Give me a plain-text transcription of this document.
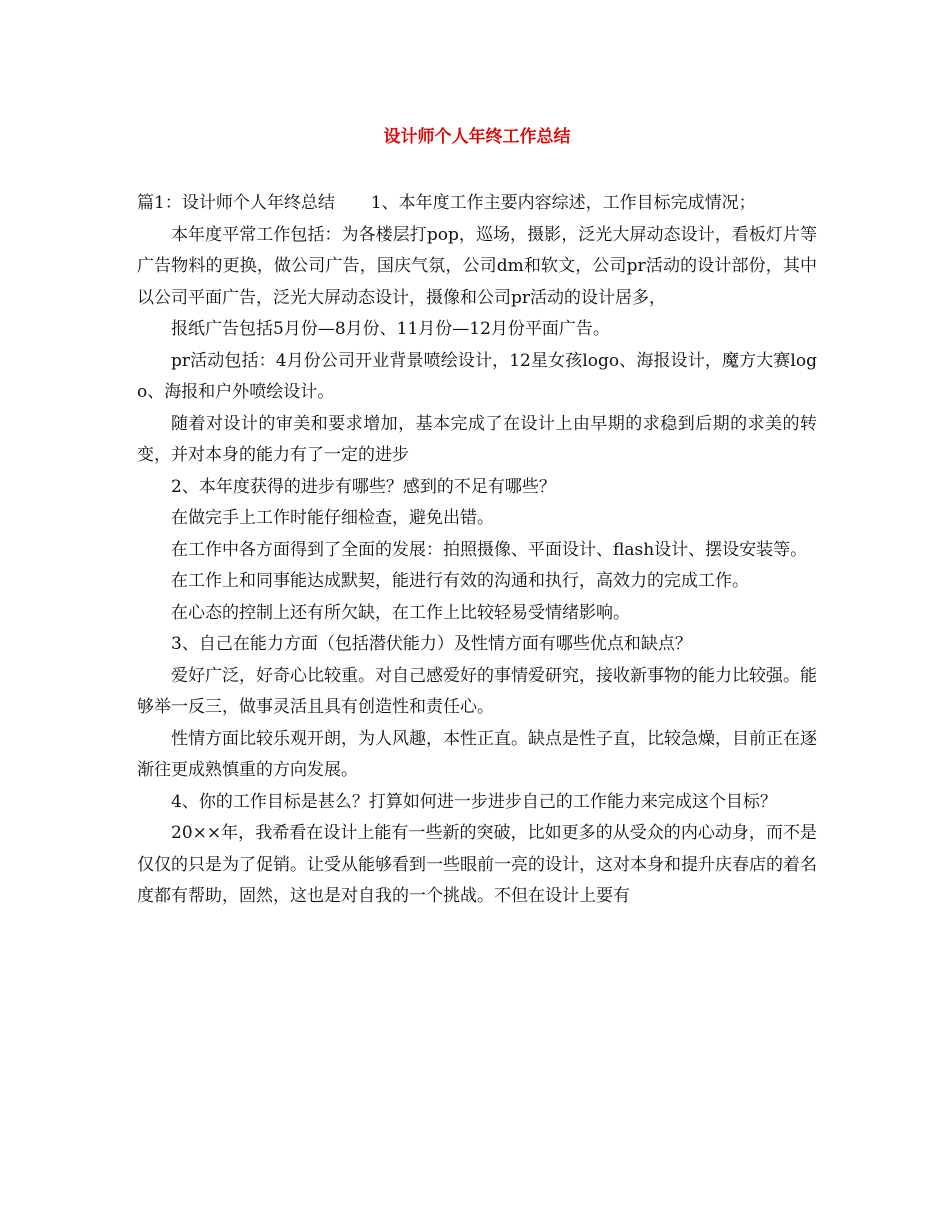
设计师个人年终工作总结

篇1：设计师个人年终总结 1、本年度工作主要内容综述，工作目标完成情况；

本年度平常工作包括：为各楼层打pop，巡场，摄影，泛光大屏动态设计，看板灯片等广告物料的更换，做公司广告，国庆气氛，公司dm和软文，公司pr活动的设计部份，其中以公司平面广告，泛光大屏动态设计，摄像和公司pr活动的设计居多，

报纸广告包括5月份—8月份、11月份—12月份平面广告。

pr活动包括：4月份公司开业背景喷绘设计，12星女孩logo、海报设计，魔方大赛logo、海报和户外喷绘设计。

随着对设计的审美和要求增加，基本完成了在设计上由早期的求稳到后期的求美的转变，并对本身的能力有了一定的进步

2、本年度获得的进步有哪些？感到的不足有哪些？

在做完手上工作时能仔细检查，避免出错。

在工作中各方面得到了全面的发展：拍照摄像、平面设计、flash设计、摆设安装等。

在工作上和同事能达成默契，能进行有效的沟通和执行，高效力的完成工作。

在心态的控制上还有所欠缺，在工作上比较轻易受情绪影响。

3、自己在能力方面（包括潜伏能力）及性情方面有哪些优点和缺点？

爱好广泛，好奇心比较重。对自己感爱好的事情爱研究，接收新事物的能力比较强。能够举一反三，做事灵活且具有创造性和责任心。

性情方面比较乐观开朗，为人风趣，本性正直。缺点是性子直，比较急燥，目前正在逐渐往更成熟慎重的方向发展。

4、你的工作目标是甚么？打算如何进一步进步自己的工作能力来完成这个目标？

20××年，我希看在设计上能有一些新的突破，比如更多的从受众的内心动身，而不是仅仅的只是为了促销。让受从能够看到一些眼前一亮的设计，这对本身和提升庆春店的着名度都有帮助，固然，这也是对自我的一个挑战。不但在设计上要有
